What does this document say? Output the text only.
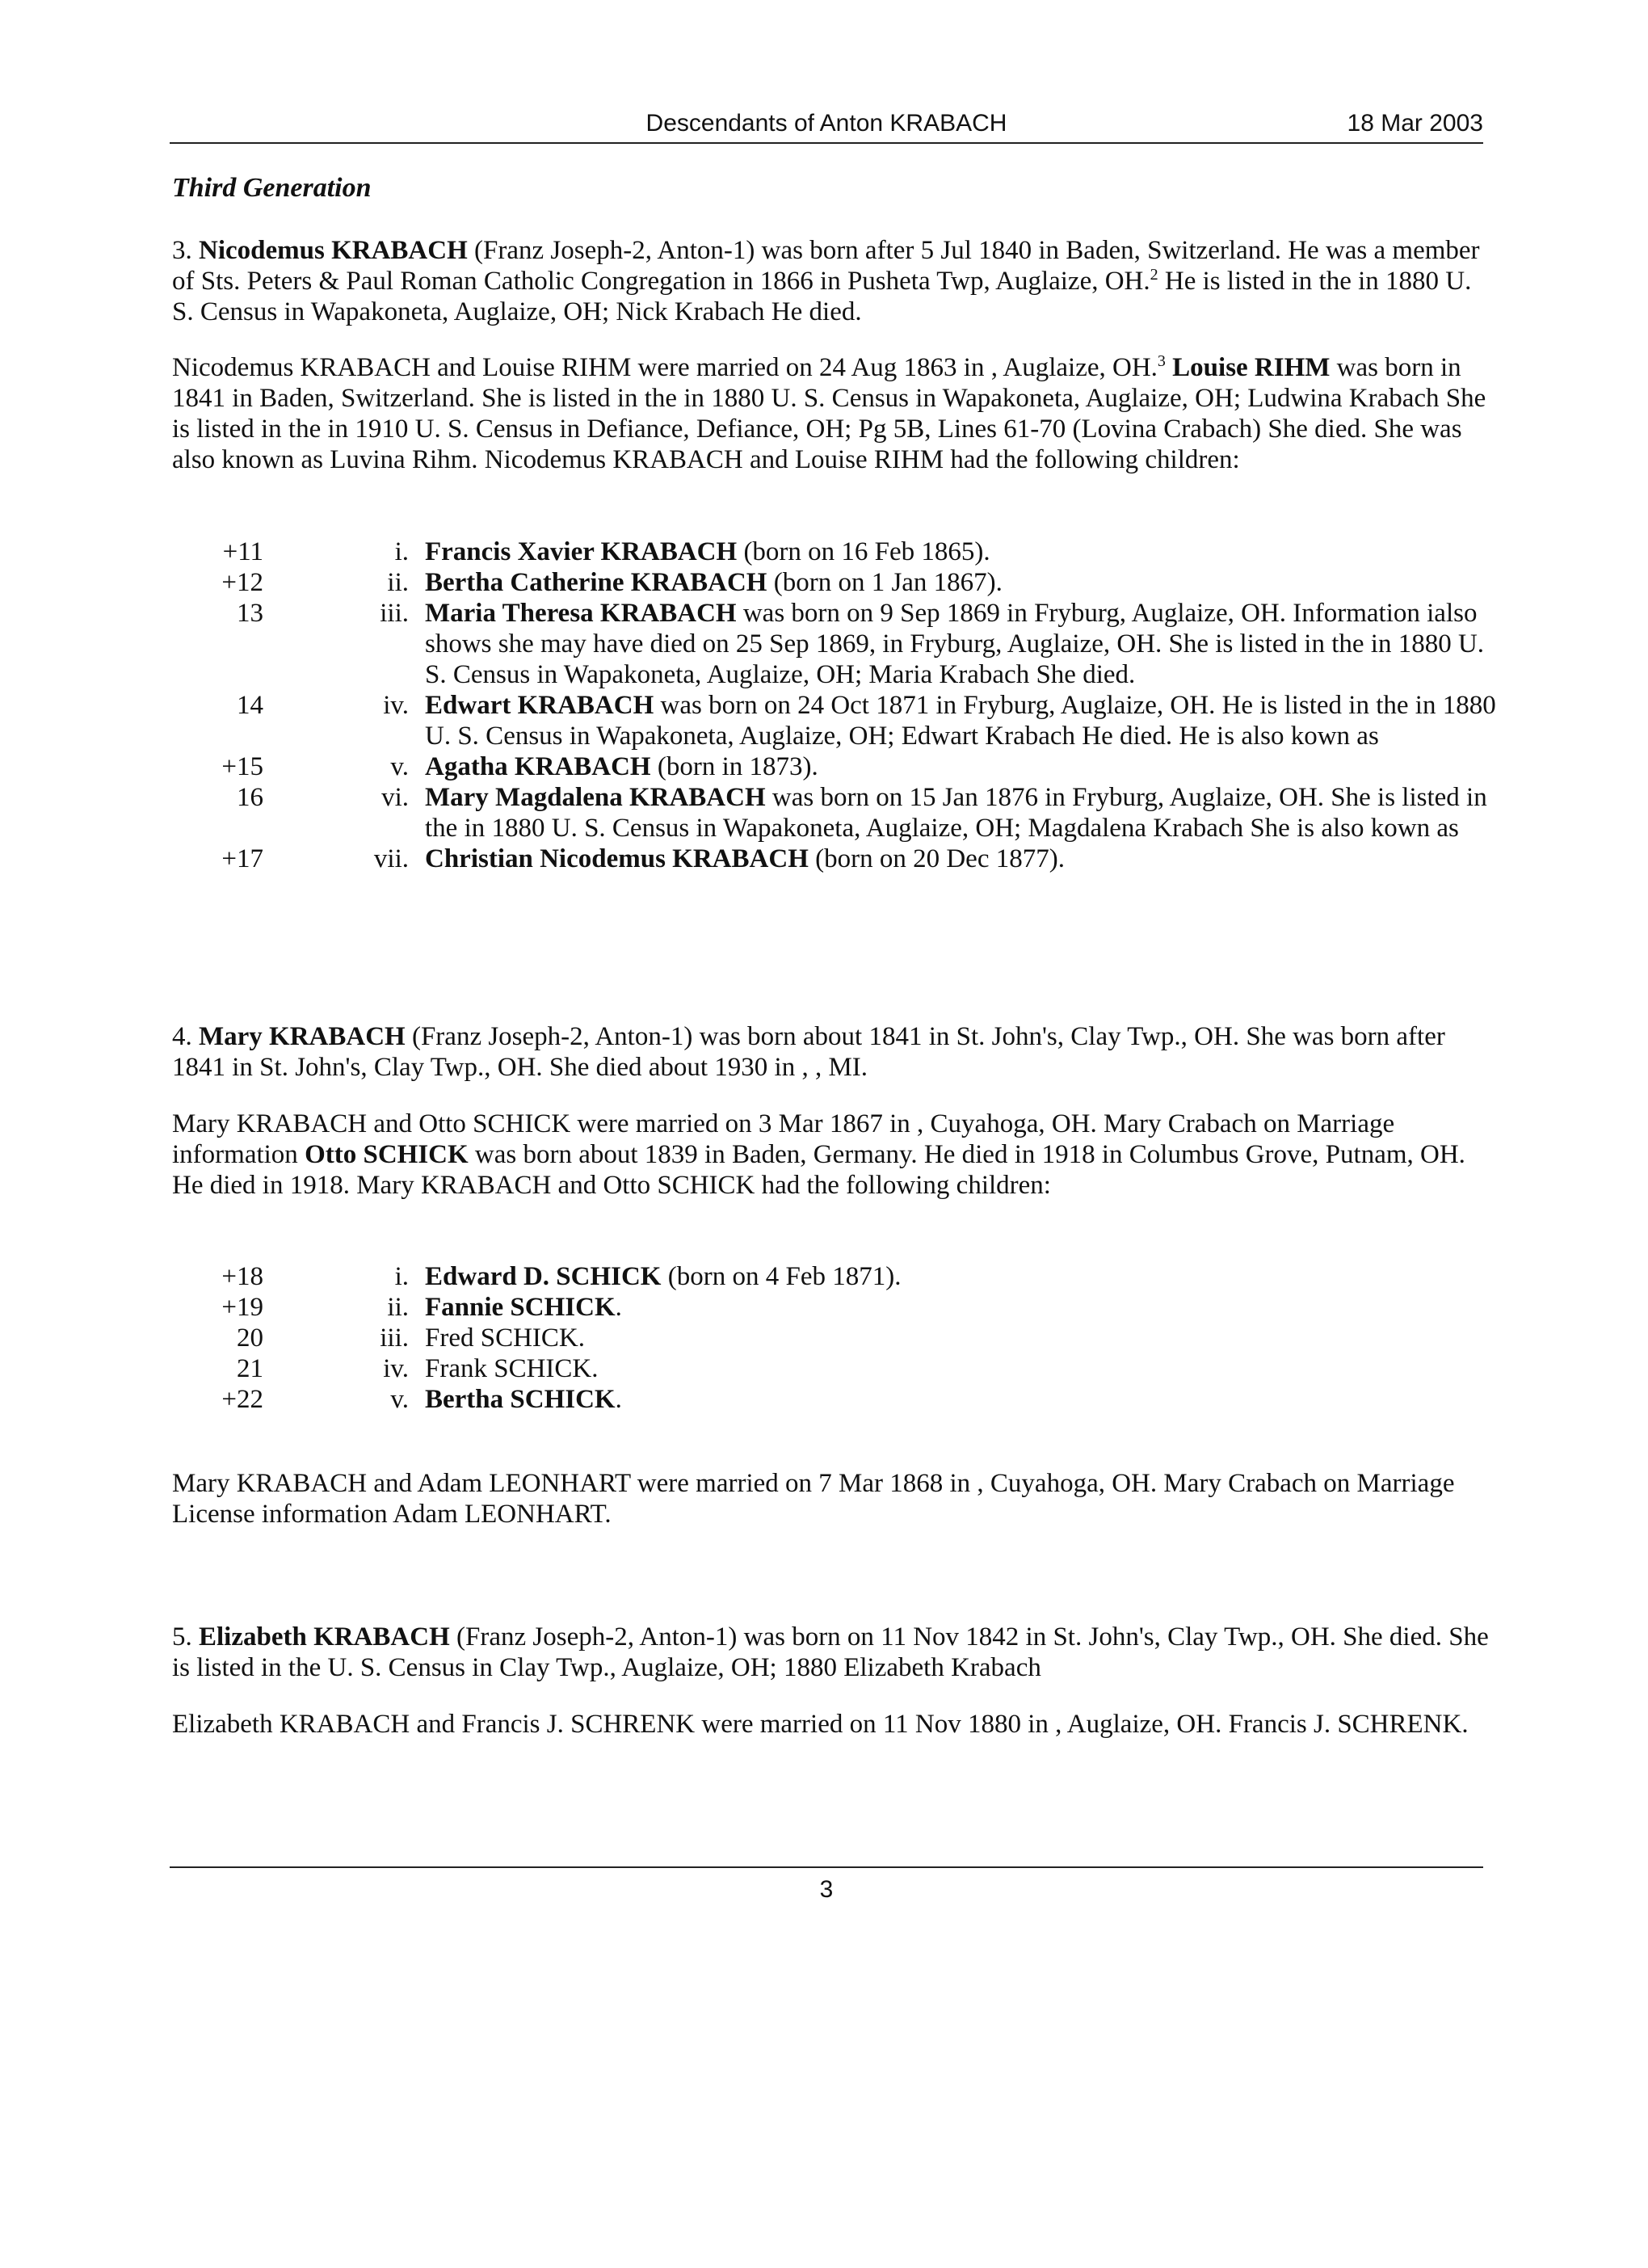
Descendants of Anton KRABACH	18 Mar 2003
Third Generation
3. Nicodemus KRABACH (Franz Joseph-2, Anton-1) was born after 5 Jul 1840 in Baden, Switzerland. He was a member of Sts. Peters & Paul Roman Catholic Congregation in 1866 in Pusheta Twp, Auglaize, OH.$^2$ He is listed in the in 1880 U. S. Census in Wapakoneta, Auglaize, OH; Nick Krabach He died.
Nicodemus KRABACH and Louise RIHM were married on 24 Aug 1863 in , Auglaize, OH.$^3$ Louise RIHM was born in 1841 in Baden, Switzerland. She is listed in the in 1880 U. S. Census in Wapakoneta, Auglaize, OH; Ludwina Krabach She is listed in the in 1910 U. S. Census in Defiance, Defiance, OH; Pg 5B, Lines 61-70 (Lovina Crabach) She died. She was also known as Luvina Rihm. Nicodemus KRABACH and Louise RIHM had the following children:
+11	i. Francis Xavier KRABACH (born on 16 Feb 1865).
+12	ii. Bertha Catherine KRABACH (born on 1 Jan 1867).
13	iii. Maria Theresa KRABACH was born on 9 Sep 1869 in Fryburg, Auglaize, OH. Information ialso shows she may have died on 25 Sep 1869, in Fryburg, Auglaize, OH. She is listed in the in 1880 U. S. Census in Wapakoneta, Auglaize, OH; Maria Krabach She died.
14	iv. Edwart KRABACH was born on 24 Oct 1871 in Fryburg, Auglaize, OH. He is listed in the in 1880 U. S. Census in Wapakoneta, Auglaize, OH; Edwart Krabach He died. He is also kown as
+15	v. Agatha KRABACH (born in 1873).
16	vi. Mary Magdalena KRABACH was born on 15 Jan 1876 in Fryburg, Auglaize, OH. She is listed in the in 1880 U. S. Census in Wapakoneta, Auglaize, OH; Magdalena Krabach She is also kown as
+17	vii. Christian Nicodemus KRABACH (born on 20 Dec 1877).
4. Mary KRABACH (Franz Joseph-2, Anton-1) was born about 1841 in St. John's, Clay Twp., OH. She was born after 1841 in St. John's, Clay Twp., OH. She died about 1930 in , , MI.
Mary KRABACH and Otto SCHICK were married on 3 Mar 1867 in , Cuyahoga, OH. Mary Crabach on Marriage information Otto SCHICK was born about 1839 in Baden, Germany. He died in 1918 in Columbus Grove, Putnam, OH. He died in 1918. Mary KRABACH and Otto SCHICK had the following children:
+18	i. Edward D. SCHICK (born on 4 Feb 1871).
+19	ii. Fannie SCHICK.
20	iii. Fred SCHICK.
21	iv. Frank SCHICK.
+22	v. Bertha SCHICK.
Mary KRABACH and Adam LEONHART were married on 7 Mar 1868 in , Cuyahoga, OH. Mary Crabach on Marriage License information Adam LEONHART.
5. Elizabeth KRABACH (Franz Joseph-2, Anton-1) was born on 11 Nov 1842 in St. John's, Clay Twp., OH. She died. She is listed in the U. S. Census in Clay Twp., Auglaize, OH; 1880 Elizabeth Krabach
Elizabeth KRABACH and Francis J. SCHRENK were married on 11 Nov 1880 in , Auglaize, OH. Francis J. SCHRENK.
3
